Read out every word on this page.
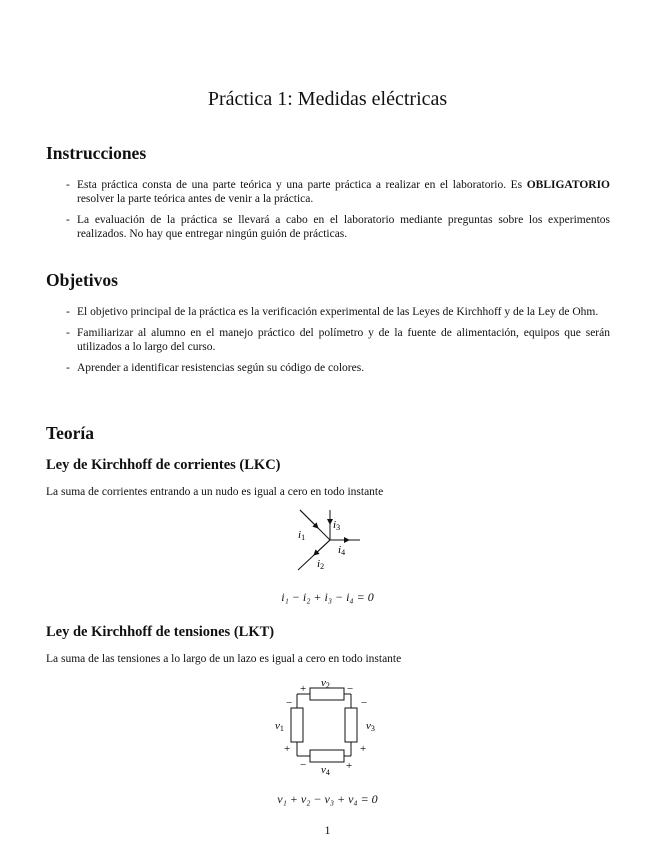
Práctica 1: Medidas eléctricas
Instrucciones
- Esta práctica consta de una parte teórica y una parte práctica a realizar en el laboratorio. Es OBLIGATORIO resolver la parte teórica antes de venir a la práctica.
- La evaluación de la práctica se llevará a cabo en el laboratorio mediante preguntas sobre los experimentos realizados. No hay que entregar ningún guión de prácticas.
Objetivos
- El objetivo principal de la práctica es la verificación experimental de las Leyes de Kirchhoff y de la Ley de Ohm.
- Familiarizar al alumno en el manejo práctico del polímetro y de la fuente de alimentación, equipos que serán utilizados a lo largo del curso.
- Aprender a identificar resistencias según su código de colores.
Teoría
Ley de Kirchhoff de corrientes (LKC)
La suma de corrientes entrando a un nudo es igual a cero en todo instante
i1
i2
i3
i4
i₁ − i₂ + i₃ − i₄ = 0
Ley de Kirchhoff de tensiones (LKT)
La suma de las tensiones a lo largo de un lazo es igual a cero en todo instante
v2
v1	v3
v4
+	−
−
+
−
+
−	+
v₁ + v₂ − v₃ + v₄ = 0
1
